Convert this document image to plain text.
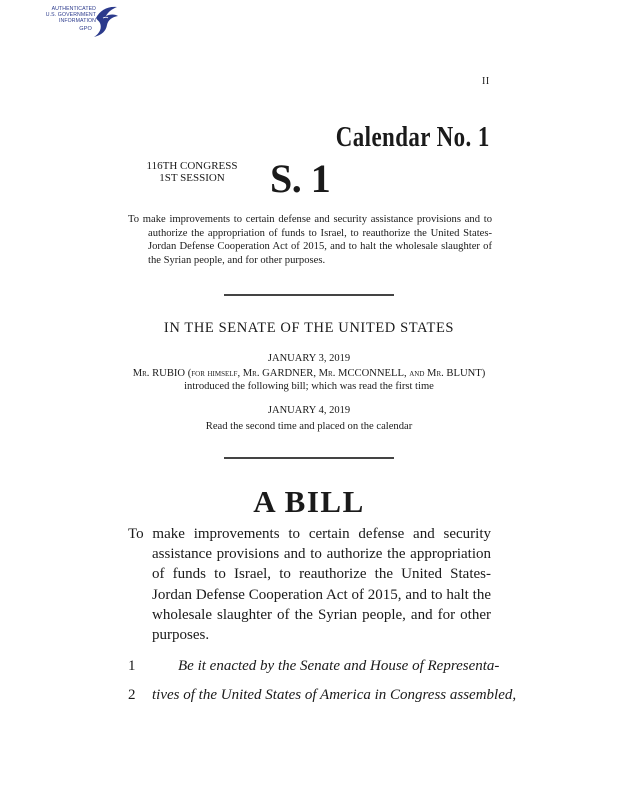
AUTHENTICATED
U.S. GOVERNMENT
INFORMATION
GPO
II
Calendar No. 1
116TH CONGRESS
1ST SESSION	S. 1

To make improvements to certain defense and security assistance provisions and to authorize the appropriation of funds to Israel, to reauthorize the United States-Jordan Defense Cooperation Act of 2015, and to halt the wholesale slaughter of the Syrian people, and for other purposes.

IN THE SENATE OF THE UNITED STATES
JANUARY 3, 2019
Mr. RUBIO (for himself, Mr. GARDNER, Mr. MCCONNELL, and Mr. BLUNT)
introduced the following bill; which was read the first time
JANUARY 4, 2019
Read the second time and placed on the calendar
A BILL

To make improvements to certain defense and security assistance provisions and to authorize the appropriation of funds to Israel, to reauthorize the United States-Jordan Defense Cooperation Act of 2015, and to halt the wholesale slaughter of the Syrian people, and for other purposes.

1	Be it enacted by the Senate and House of Representa-
2	tives of the United States of America in Congress assembled,
